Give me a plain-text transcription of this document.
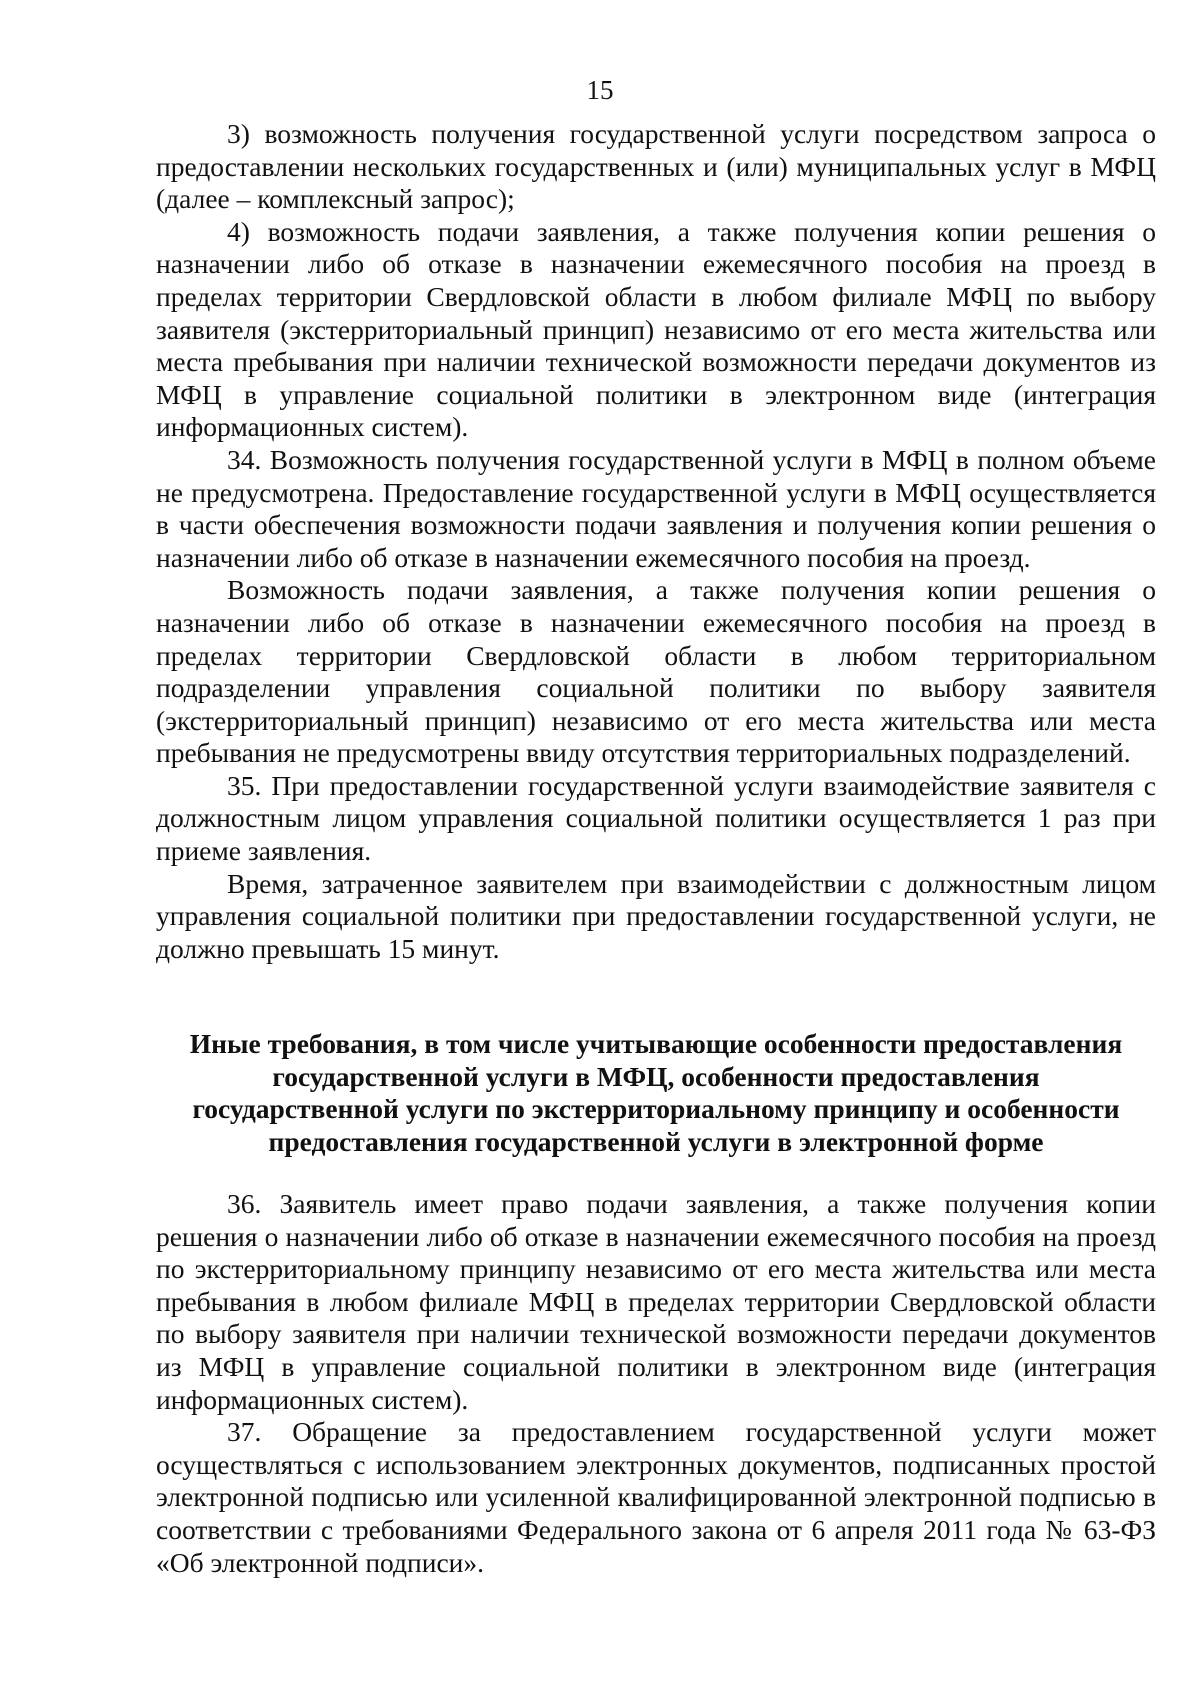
15

3) возможность получения государственной услуги посредством запроса о предоставлении нескольких государственных и (или) муниципальных услуг в МФЦ (далее – комплексный запрос);

4) возможность подачи заявления, а также получения копии решения о назначении либо об отказе в назначении ежемесячного пособия на проезд в пределах территории Свердловской области в любом филиале МФЦ по выбору заявителя (экстерриториальный принцип) независимо от его места жительства или места пребывания при наличии технической возможности передачи документов из МФЦ в управление социальной политики в электронном виде (интеграция информационных систем).

34. Возможность получения государственной услуги в МФЦ в полном объеме не предусмотрена. Предоставление государственной услуги в МФЦ осуществляется в части обеспечения возможности подачи заявления и получения копии решения о назначении либо об отказе в назначении ежемесячного пособия на проезд.

Возможность подачи заявления, а также получения копии решения о назначении либо об отказе в назначении ежемесячного пособия на проезд в пределах территории Свердловской области в любом территориальном подразделении управления социальной политики по выбору заявителя (экстерриториальный принцип) независимо от его места жительства или места пребывания не предусмотрены ввиду отсутствия территориальных подразделений.

35. При предоставлении государственной услуги взаимодействие заявителя с должностным лицом управления социальной политики осуществляется 1 раз при приеме заявления.

Время, затраченное заявителем при взаимодействии с должностным лицом управления социальной политики при предоставлении государственной услуги, не должно превышать 15 минут.

Иные требования, в том числе учитывающие особенности предоставления
государственной услуги в МФЦ, особенности предоставления
государственной услуги по экстерриториальному принципу и особенности
предоставления государственной услуги в электронной форме

36. Заявитель имеет право подачи заявления, а также получения копии решения о назначении либо об отказе в назначении ежемесячного пособия на проезд по экстерриториальному принципу независимо от его места жительства или места пребывания в любом филиале МФЦ в пределах территории Свердловской области по выбору заявителя при наличии технической возможности передачи документов из МФЦ в управление социальной политики в электронном виде (интеграция информационных систем).

37. Обращение за предоставлением государственной услуги может осуществляться с использованием электронных документов, подписанных простой электронной подписью или усиленной квалифицированной электронной подписью в соответствии с требованиями Федерального закона от 6 апреля 2011 года № 63-ФЗ «Об электронной подписи».
